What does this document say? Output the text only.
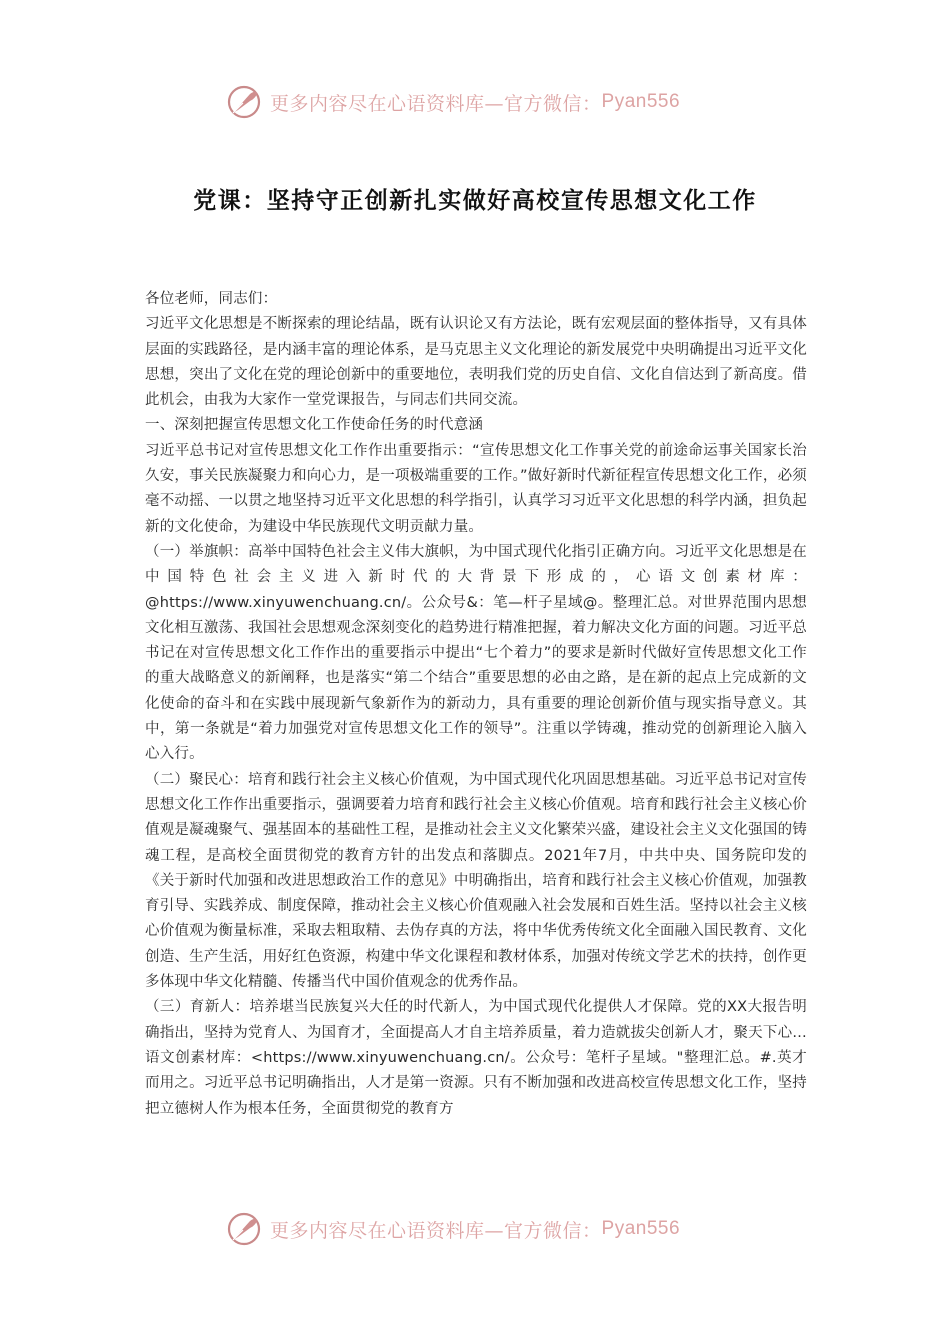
更多内容尽在心语资料库—官方微信： Pyan556
党课：坚持守正创新扎实做好高校宣传思想文化工作

各位老师，同志们：

习近平文化思想是不断探索的理论结晶，既有认识论又有方法论，既有宏观层面的整体指导，又有具体层面的实践路径，是内涵丰富的理论体系，是马克思主义文化理论的新发展党中央明确提出习近平文化思想，突出了文化在党的理论创新中的重要地位，表明我们党的历史自信、文化自信达到了新高度。借此机会，由我为大家作一堂党课报告，与同志们共同交流。

一、深刻把握宣传思想文化工作使命任务的时代意涵

习近平总书记对宣传思想文化工作作出重要指示：“宣传思想文化工作事关党的前途命运事关国家长治久安，事关民族凝聚力和向心力，是一项极端重要的工作。”做好新时代新征程宣传思想文化工作，必须毫不动摇、一以贯之地坚持习近平文化思想的科学指引，认真学习习近平文化思想的科学内涵，担负起新的文化使命，为建设中华民族现代文明贡献力量。

（一）举旗帜：高举中国特色社会主义伟大旗帜，为中国式现代化指引正确方向。习近平文化思想是在中国特色社会主义进入新时代的大背景下形成的，心语文创素材库：@https://www.xinyuwenchuang.cn/。公众号&：笔—杆子星域@。整理汇总。对世界范围内思想文化相互激荡、我国社会思想观念深刻变化的趋势进行精准把握，着力解决文化方面的问题。习近平总书记在对宣传思想文化工作作出的重要指示中提出“七个着力”的要求是新时代做好宣传思想文化工作的重大战略意义的新阐释，也是落实“第二个结合”重要思想的必由之路，是在新的起点上完成新的文化使命的奋斗和在实践中展现新气象新作为的新动力，具有重要的理论创新价值与现实指导意义。其中，第一条就是“着力加强党对宣传思想文化工作的领导”。注重以学铸魂，推动党的创新理论入脑入心入行。

（二）聚民心：培育和践行社会主义核心价值观，为中国式现代化巩固思想基础。习近平总书记对宣传思想文化工作作出重要指示，强调要着力培育和践行社会主义核心价值观。培育和践行社会主义核心价值观是凝魂聚气、强基固本的基础性工程，是推动社会主义文化繁荣兴盛，建设社会主义文化强国的铸魂工程，是高校全面贯彻党的教育方针的出发点和落脚点。2021年7月，中共中央、国务院印发的《关于新时代加强和改进思想政治工作的意见》中明确指出，培育和践行社会主义核心价值观，加强教育引导、实践养成、制度保障，推动社会主义核心价值观融入社会发展和百姓生活。坚持以社会主义核心价值观为衡量标准，采取去粗取精、去伪存真的方法，将中华优秀传统文化全面融入国民教育、文化创造、生产生活，用好红色资源，构建中华文化课程和教材体系，加强对传统文学艺术的扶持，创作更多体现中华文化精髓、传播当代中国价值观念的优秀作品。

（三）育新人：培养堪当民族复兴大任的时代新人，为中国式现代化提供人才保障。党的XX大报告明确指出，坚持为党育人、为国育才，全面提高人才自主培养质量，着力造就拔尖创新人才，聚天下心…语文创素材库：<https://www.xinyuwenchuang.cn/。公众号：笔杆子星域。"整理汇总。#.英才而用之。习近平总书记明确指出，人才是第一资源。只有不断加强和改进高校宣传思想文化工作，坚持把立德树人作为根本任务，全面贯彻党的教育方

更多内容尽在心语资料库—官方微信： Pyan556
